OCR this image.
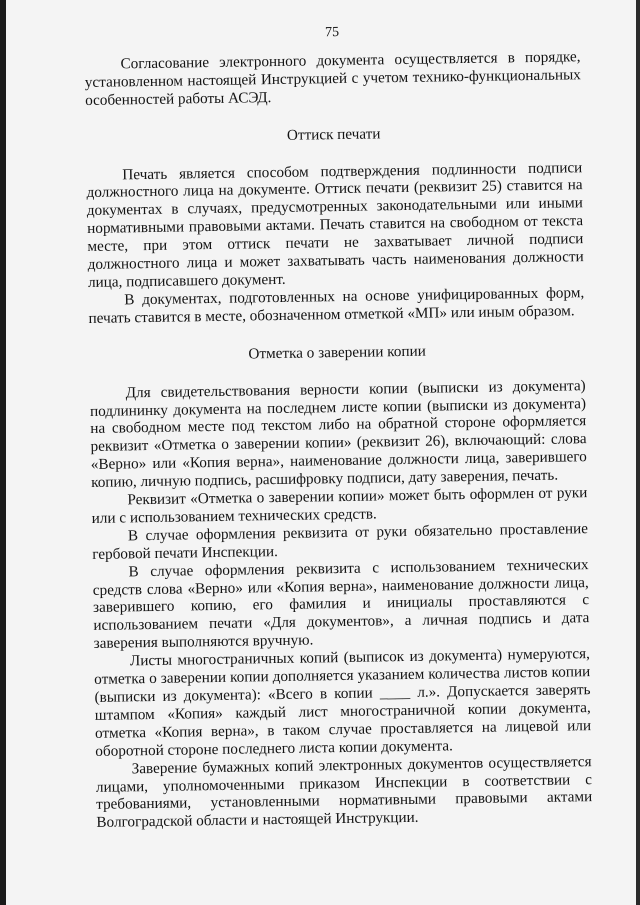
75

Согласование электронного документа осуществляется в порядке, установленном настоящей Инструкцией с учетом технико-функциональных особенностей работы АСЭД.

Оттиск печати

Печать является способом подтверждения подлинности подписи должностного лица на документе. Оттиск печати (реквизит 25) ставится на документах в случаях, предусмотренных законодательными или иными нормативными правовыми актами. Печать ставится на свободном от текста месте, при этом оттиск печати не захватывает личной подписи должностного лица и может захватывать часть наименования должности лица, подписавшего документ.

В документах, подготовленных на основе унифицированных форм, печать ставится в месте, обозначенном отметкой «МП» или иным образом.

Отметка о заверении копии

Для свидетельствования верности копии (выписки из документа) подлининку документа на последнем листе копии (выписки из документа) на свободном месте под текстом либо на обратной стороне оформляется реквизит «Отметка о заверении копии» (реквизит 26), включающий: слова «Верно» или «Копия верна», наименование должности лица, заверившего копию, личную подпись, расшифровку подписи, дату заверения, печать.

Реквизит «Отметка о заверении копии» может быть оформлен от руки или с использованием технических средств.

В случае оформления реквизита от руки обязательно проставление гербовой печати Инспекции.

В случае оформления реквизита с использованием технических средств слова «Верно» или «Копия верна», наименование должности лица, заверившего копию, его фамилия и инициалы проставляются с использованием печати «Для документов», а личная подпись и дата заверения выполняются вручную.

Листы многостраничных копий (выписок из документа) нумеруются, отметка о заверении копии дополняется указанием количества листов копии (выписки из документа): «Всего в копии ____ л.». Допускается заверять штампом «Копия» каждый лист многостраничной копии документа, отметка «Копия верна», в таком случае проставляется на лицевой или оборотной стороне последнего листа копии документа.

Заверение бумажных копий электронных документов осуществляется лицами, уполномоченными приказом Инспекции в соответствии с требованиями, установленными нормативными правовыми актами Волгоградской области и настоящей Инструкции.
